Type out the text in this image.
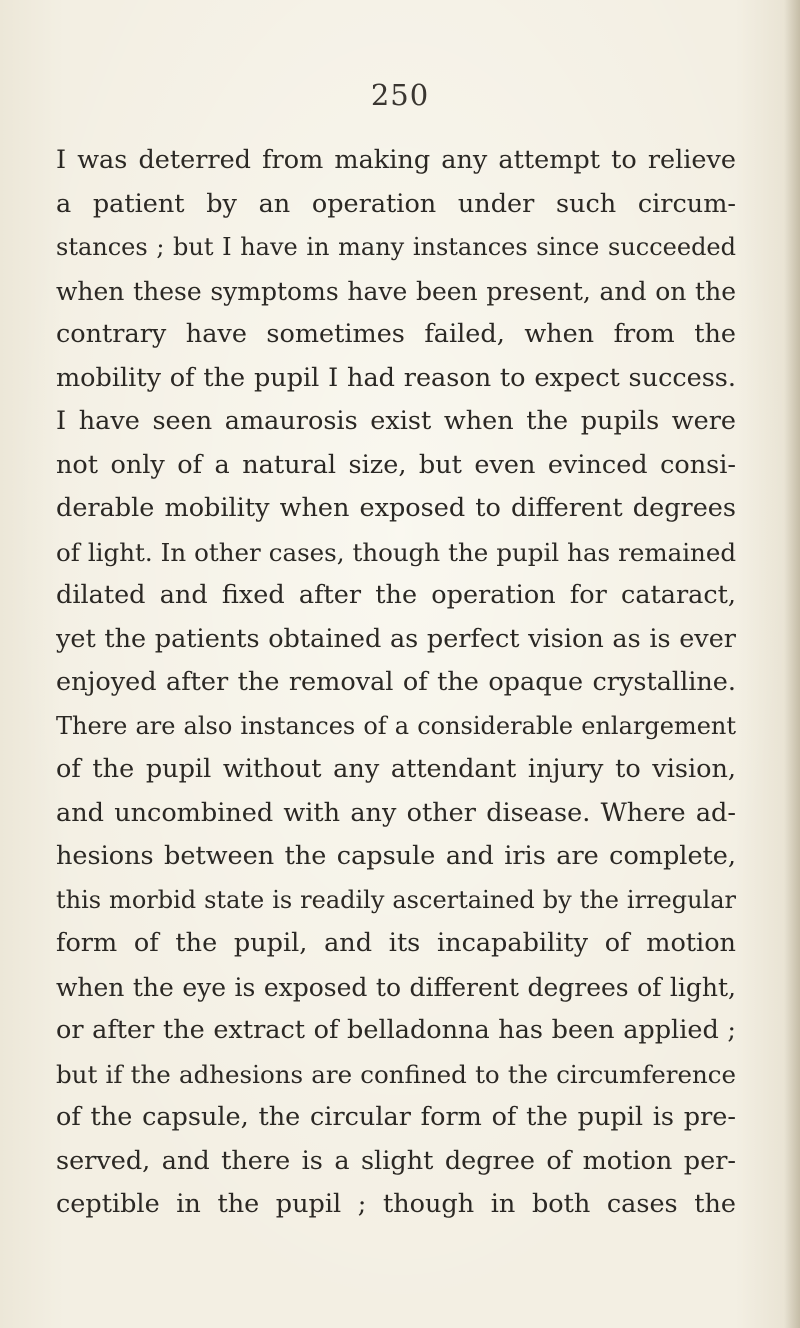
250
I was deterred from making any attempt to relieve
a patient by an operation under such circum-
stances ; but I have in many instances since succeeded
when these symptoms have been present, and on the
contrary have sometimes failed, when from the
mobility of the pupil I had reason to expect success.
I have seen amaurosis exist when the pupils were
not only of a natural size, but even evinced consi-
derable mobility when exposed to different degrees
of light. In other cases, though the pupil has remained
dilated and fixed after the operation for cataract,
yet the patients obtained as perfect vision as is ever
enjoyed after the removal of the opaque crystalline.
There are also instances of a considerable enlargement
of the pupil without any attendant injury to vision,
and uncombined with any other disease. Where ad-
hesions between the capsule and iris are complete,
this morbid state is readily ascertained by the irregular
form of the pupil, and its incapability of motion
when the eye is exposed to different degrees of light,
or after the extract of belladonna has been applied ;
but if the adhesions are confined to the circumference
of the capsule, the circular form of the pupil is pre-
served, and there is a slight degree of motion per-
ceptible in the pupil ; though in both cases the
